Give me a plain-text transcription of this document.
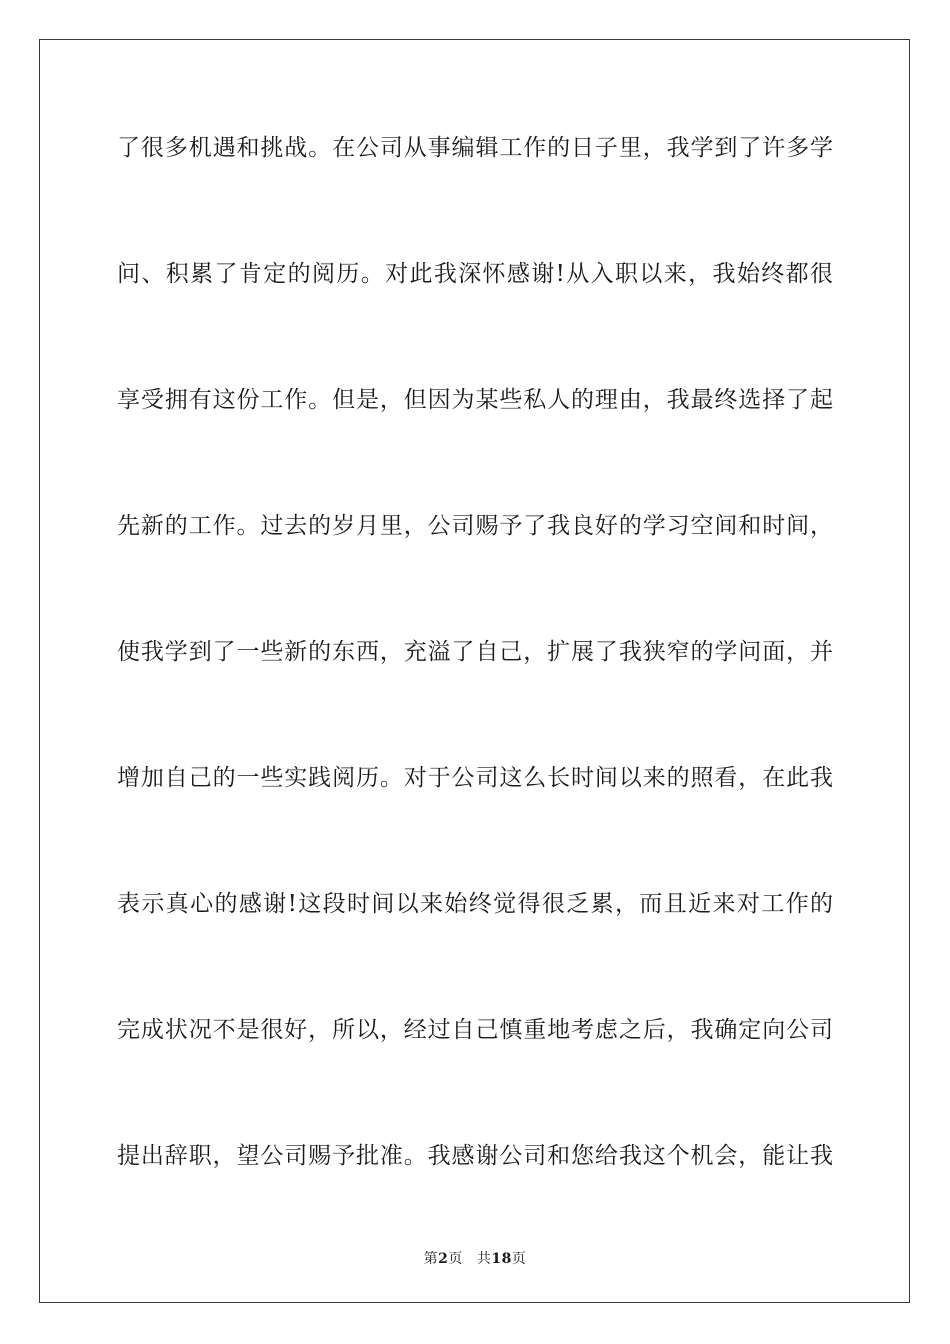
了很多机遇和挑战。在公司从事编辑工作的日子里，我学到了许多学
问、积累了肯定的阅历。对此我深怀感谢!从入职以来，我始终都很
享受拥有这份工作。但是，但因为某些私人的理由，我最终选择了起
先新的工作。过去的岁月里，公司赐予了我良好的学习空间和时间，
使我学到了一些新的东西，充溢了自己，扩展了我狭窄的学问面，并
增加自己的一些实践阅历。对于公司这么长时间以来的照看，在此我
表示真心的感谢!这段时间以来始终觉得很乏累，而且近来对工作的
完成状况不是很好，所以，经过自己慎重地考虑之后，我确定向公司
提出辞职，望公司赐予批准。我感谢公司和您给我这个机会，能让我
第2页 共18页
